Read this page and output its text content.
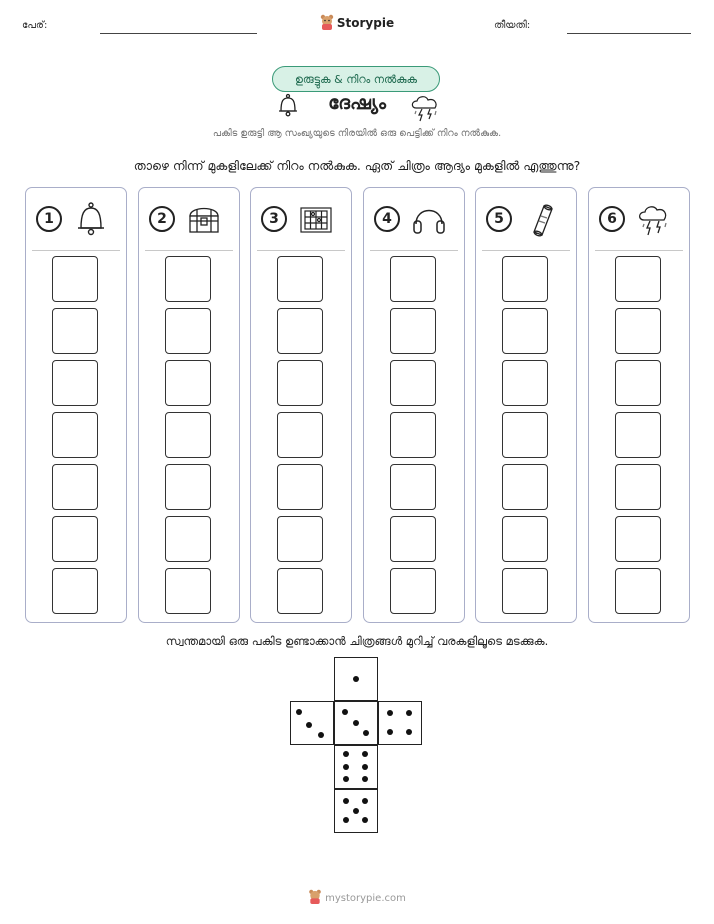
പേര്:	Storypie	തീയതി:
ഉരുട്ടുക & നിറം നൽകുക
ദേഷ്യം
പകിട ഉരുട്ടി ആ സംഖ്യയുടെ നിരയിൽ ഒരു പെട്ടിക്ക് നിറം നൽകുക.
താഴെ നിന്ന് മുകളിലേക്ക് നിറം നൽകുക. ഏത് ചിത്രം ആദ്യം മുകളിൽ എത്തുന്നു?
1	2	3	4	5	6
സ്വന്തമായി ഒരു പകിട ഉണ്ടാക്കാൻ ചിത്രങ്ങൾ മുറിച്ച് വരകളിലൂടെ മടക്കുക.
mystorypie.com
